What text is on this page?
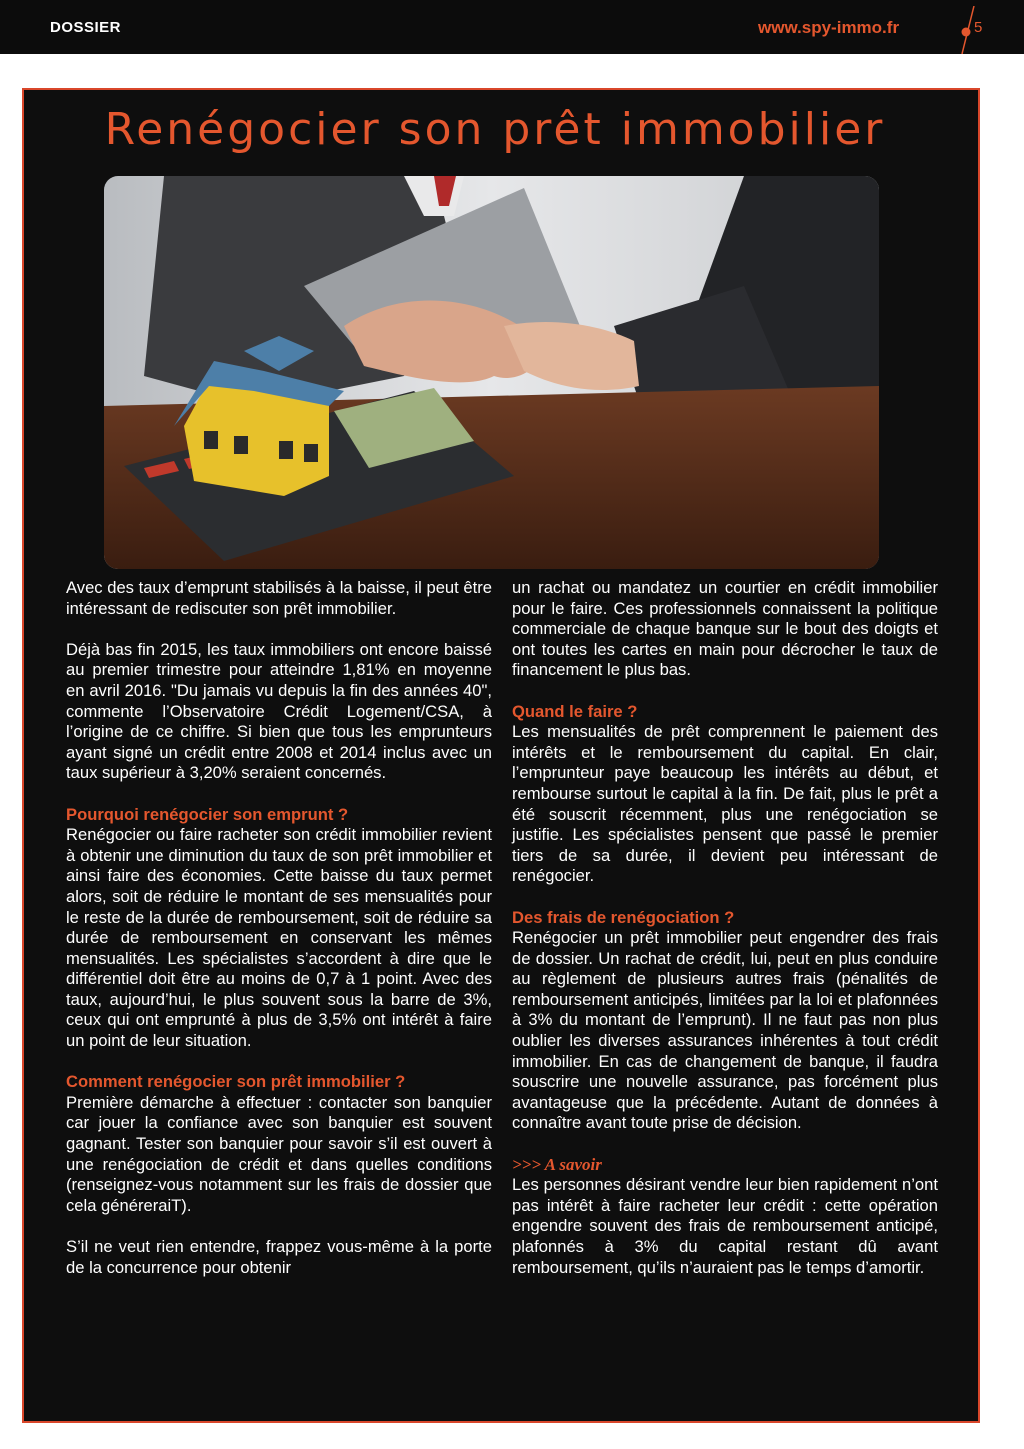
DOSSIER	www.spy-immo.fr	5
Renégocier son prêt immobilier

Avec des taux d’emprunt stabilisés à la baisse, il peut être intéressant de rediscuter son prêt immobilier.

Déjà bas fin 2015, les taux immobiliers ont encore baissé au premier trimestre pour atteindre 1,81% en moyenne en avril 2016. "Du jamais vu depuis la fin des années 40", commente l’Observatoire Crédit Logement/CSA, à l’origine de ce chiffre. Si bien que tous les emprunteurs ayant signé un crédit entre 2008 et 2014 inclus avec un taux supérieur à 3,20% seraient concernés.

Pourquoi renégocier son emprunt ?

Renégocier ou faire racheter son crédit immobilier revient à obtenir une diminution du taux de son prêt immobilier et ainsi faire des économies. Cette baisse du taux permet alors, soit de réduire le montant de ses mensualités pour le reste de la durée de remboursement, soit de réduire sa durée de remboursement en conservant les mêmes mensualités. Les spécialistes s’accordent à dire que le différentiel doit être au moins de 0,7 à 1 point. Avec des taux, aujourd’hui, le plus souvent sous la barre de 3%, ceux qui ont emprunté à plus de 3,5% ont intérêt à faire un point de leur situation.

Comment renégocier son prêt immobilier ?

Première démarche à effectuer : contacter son banquier car jouer la confiance avec son banquier est souvent gagnant. Tester son banquier pour savoir s’il est ouvert à une renégociation de crédit et dans quelles conditions (renseignez-vous notamment sur les frais de dossier que cela généreraiT).

S’il ne veut rien entendre, frappez vous-même à la porte de la concurrence pour obtenir

un rachat ou mandatez un courtier en crédit immobilier pour le faire. Ces professionnels connaissent la politique commerciale de chaque banque sur le bout des doigts et ont toutes les cartes en main pour décrocher le taux de financement le plus bas.

Quand le faire ?

Les mensualités de prêt comprennent le paiement des intérêts et le remboursement du capital. En clair, l’emprunteur paye beaucoup les intérêts au début, et rembourse surtout le capital à la fin. De fait, plus le prêt a été souscrit récemment, plus une renégociation se justifie. Les spécialistes pensent que passé le premier tiers de sa durée, il devient peu intéressant de renégocier.

Des frais de renégociation ?

Renégocier un prêt immobilier peut engendrer des frais de dossier. Un rachat de crédit, lui, peut en plus conduire au règlement de plusieurs autres frais (pénalités de remboursement anticipés, limitées par la loi et plafonnées à 3% du montant de l’emprunt). Il ne faut pas non plus oublier les diverses assurances inhérentes à tout crédit immobilier. En cas de changement de banque, il faudra souscrire une nouvelle assurance, pas forcément plus avantageuse que la précédente. Autant de données à connaître avant toute prise de décision.

>>> A savoir

Les personnes désirant vendre leur bien rapidement n’ont pas intérêt à faire racheter leur crédit : cette opération engendre souvent des frais de remboursement anticipé, plafonnés à 3% du capital restant dû avant remboursement, qu’ils n’auraient pas le temps d’amortir.
